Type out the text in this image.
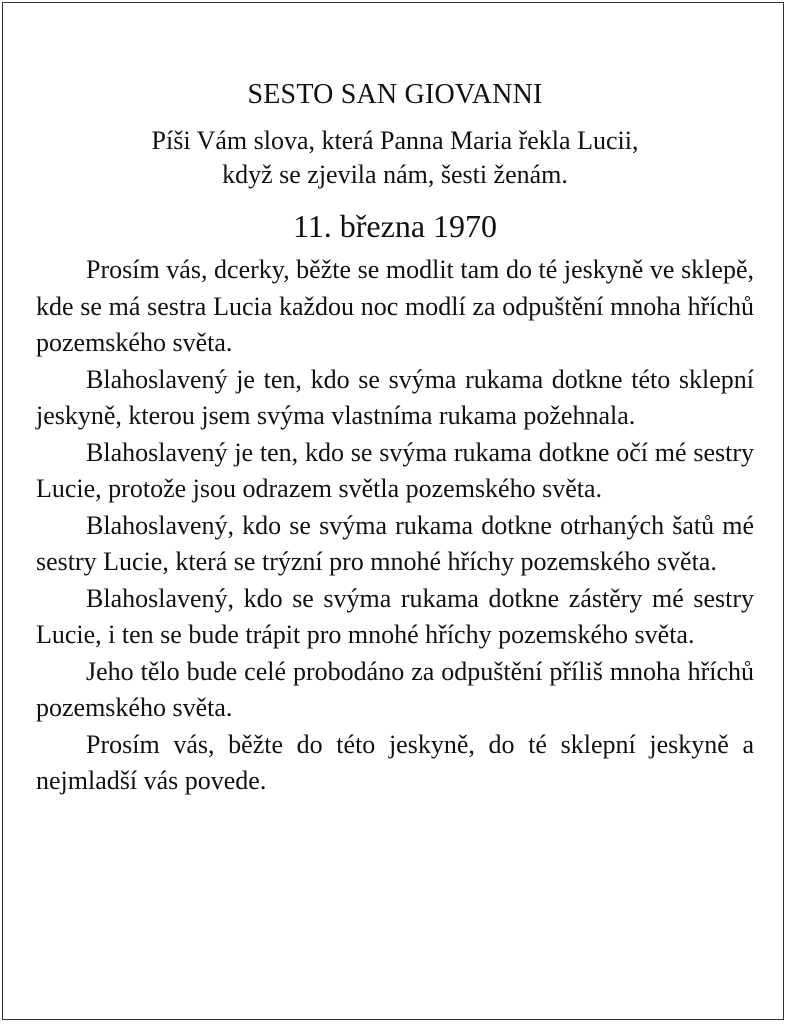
SESTO SAN GIOVANNI
Píši Vám slova, která Panna Maria řekla Lucii,
když se zjevila nám, šesti ženám.
11. března 1970

Prosím vás, dcerky, běžte se modlit tam do té jeskyně ve sklepě, kde se má sestra Lucia každou noc modlí za odpuštění mnoha hříchů pozemského světa.

Blahoslavený je ten, kdo se svýma rukama dotkne této sklepní jeskyně, kterou jsem svýma vlastníma rukama požehnala.

Blahoslavený je ten, kdo se svýma rukama dotkne očí mé sestry Lucie, protože jsou odrazem světla pozemského světa.

Blahoslavený, kdo se svýma rukama dotkne otrhaných šatů mé sestry Lucie, která se trýzní pro mnohé hříchy pozemského světa.

Blahoslavený, kdo se svýma rukama dotkne zástěry mé sestry Lucie, i ten se bude trápit pro mnohé hříchy pozemského světa.

Jeho tělo bude celé probodáno za odpuštění příliš mnoha hříchů pozemského světa.

Prosím vás, běžte do této jeskyně, do té sklepní jeskyně a nejmladší vás povede.
